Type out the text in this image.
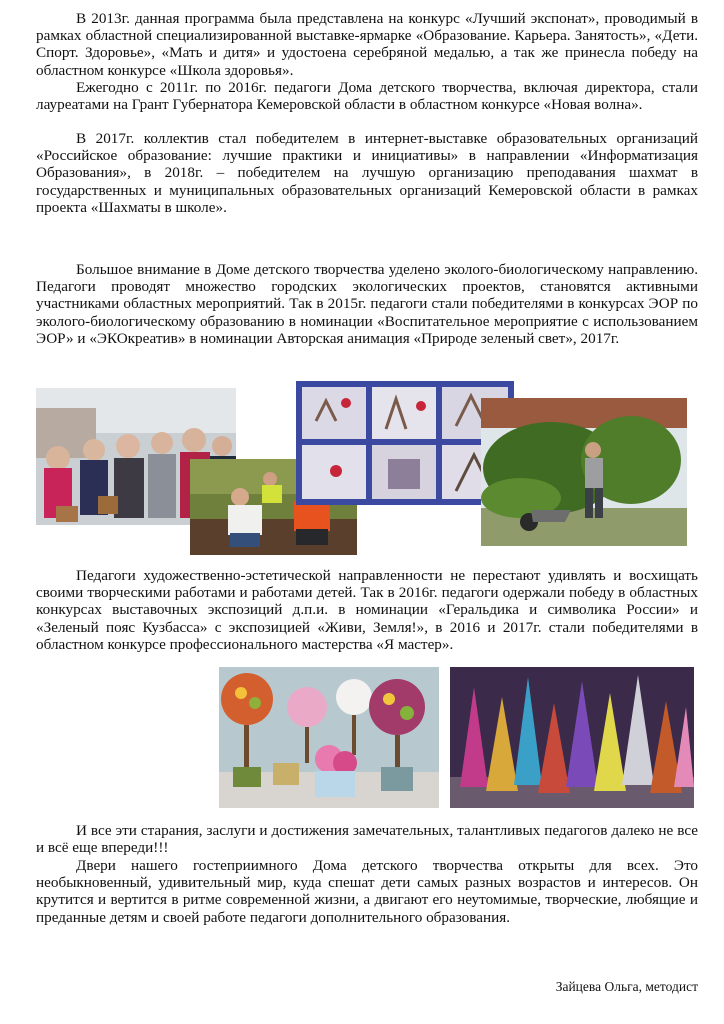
В 2013г. данная программа была представлена на конкурс «Лучший экспонат», проводимый в рамках областной специализированной выставке-ярмарке «Образование. Карьера. Занятость», «Дети. Спорт. Здоровье», «Мать и дитя» и удостоена серебряной медалью, а так же принесла победу на областном конкурсе «Школа здоровья».

Ежегодно с 2011г. по 2016г. педагоги Дома детского творчества, включая директора, стали лауреатами на Грант Губернатора Кемеровской области в областном конкурсе «Новая волна».

В 2017г. коллектив стал победителем в интернет-выставке образовательных организаций «Российское образование: лучшие практики и инициативы» в направлении «Информатизация Образования», в 2018г. – победителем на лучшую организацию преподавания шахмат в государственных и муниципальных образовательных организаций Кемеровской области в рамках проекта «Шахматы в школе».

Большое внимание в Доме детского творчества уделено эколого-биологическому направлению. Педагоги проводят множество городских экологических проектов, становятся активными участниками областных мероприятий. Так в 2015г. педагоги стали победителями в конкурсах ЭОР по эколого-биологическому образованию в номинации «Воспитательное мероприятие с использованием ЭОР» и «ЭКОкреатив» в номинации Авторская анимация «Природе зеленый свет», 2017г.

Педагоги художественно-эстетической направленности не перестают удивлять и восхищать своими творческими работами и работами детей. Так в 2016г. педагоги одержали победу в областных конкурсах выставочных экспозиций д.п.и. в номинации «Геральдика и символика России» и «Зеленый пояс Кузбасса» с экспозицией «Живи, Земля!», в 2016 и 2017г. стали победителями в областном конкурсе профессионального мастерства «Я мастер».

И все эти старания, заслуги и достижения замечательных, талантливых педагогов далеко не все и всё еще впереди!!!

Двери нашего гостеприимного Дома детского творчества открыты для всех. Это необыкновенный, удивительный мир, куда спешат дети самых разных возрастов и интересов. Он крутится и вертится в ритме современной жизни, а двигают его неутомимые, творческие, любящие и преданные детям и своей работе педагоги дополнительного образования.

Зайцева Ольга, методист
